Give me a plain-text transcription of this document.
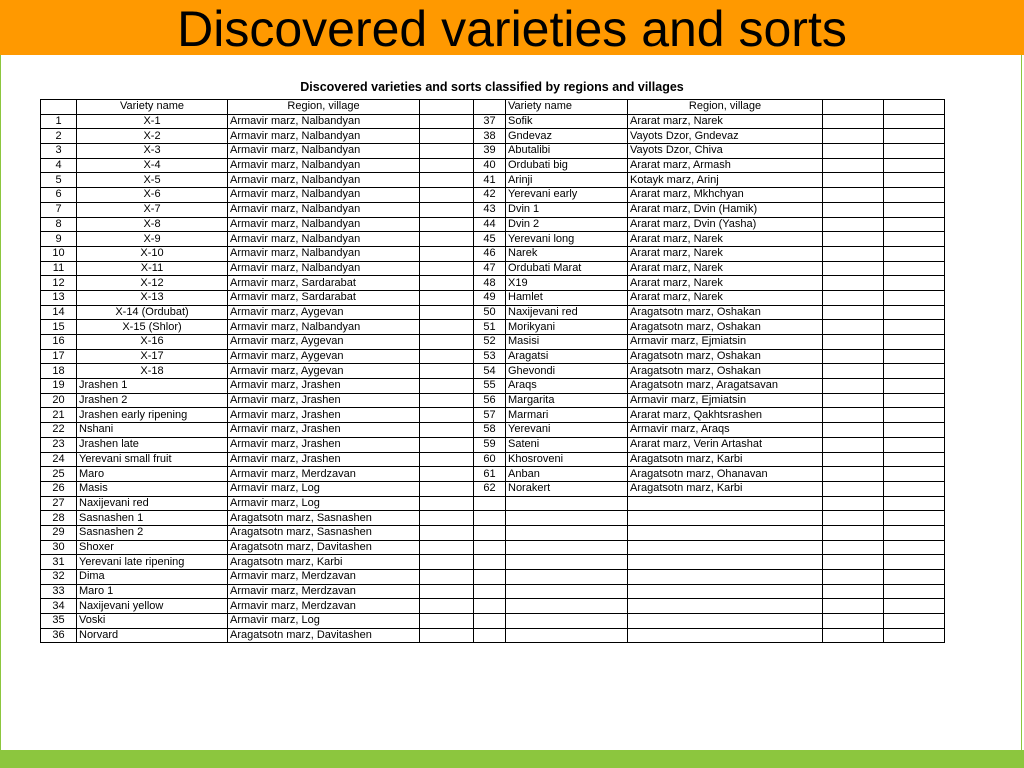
Discovered varieties and sorts
Discovered varieties and sorts classified by regions and villages
	Variety name	Region, village			Variety name	Region, village		
1	X-1	Armavir marz, Nalbandyan		37	Sofik	Ararat marz, Narek		
2	X-2	Armavir marz, Nalbandyan		38	Gndevaz	Vayots Dzor, Gndevaz		
3	X-3	Armavir marz, Nalbandyan		39	Abutalibi	Vayots Dzor, Chiva		
4	X-4	Armavir marz, Nalbandyan		40	Ordubati big	Ararat marz, Armash		
5	X-5	Armavir marz, Nalbandyan		41	Arinji	Kotayk marz, Arinj		
6	X-6	Armavir marz, Nalbandyan		42	Yerevani early	Ararat marz, Mkhchyan		
7	X-7	Armavir marz, Nalbandyan		43	Dvin 1	Ararat marz, Dvin (Hamik)		
8	X-8	Armavir marz, Nalbandyan		44	Dvin 2	Ararat marz, Dvin (Yasha)		
9	X-9	Armavir marz, Nalbandyan		45	Yerevani long	Ararat marz, Narek		
10	X-10	Armavir marz, Nalbandyan		46	Narek	Ararat marz, Narek		
11	X-11	Armavir marz, Nalbandyan		47	Ordubati Marat	Ararat marz, Narek		
12	X-12	Armavir marz, Sardarabat		48	X19	Ararat marz, Narek		
13	X-13	Armavir marz, Sardarabat		49	Hamlet	Ararat marz, Narek		
14	X-14 (Ordubat)	Armavir marz, Aygevan		50	Naxijevani red	Aragatsotn marz, Oshakan		
15	X-15 (Shlor)	Armavir marz, Nalbandyan		51	Morikyani	Aragatsotn marz, Oshakan		
16	X-16	Armavir marz, Aygevan		52	Masisi	Armavir marz, Ejmiatsin		
17	X-17	Armavir marz, Aygevan		53	Aragatsi	Aragatsotn marz, Oshakan		
18	X-18	Armavir marz, Aygevan		54	Ghevondi	Aragatsotn marz, Oshakan		
19	Jrashen 1	Armavir marz, Jrashen		55	Araqs	Aragatsotn marz, Aragatsavan		
20	Jrashen 2	Armavir marz, Jrashen		56	Margarita	Armavir marz, Ejmiatsin		
21	Jrashen early ripening	Armavir marz, Jrashen		57	Marmari	Ararat marz, Qakhtsrashen		
22	Nshani	Armavir marz, Jrashen		58	Yerevani	Armavir marz, Araqs		
23	Jrashen late	Armavir marz, Jrashen		59	Sateni	Ararat marz, Verin Artashat		
24	Yerevani small fruit	Armavir marz, Jrashen		60	Khosroveni	Aragatsotn marz, Karbi		
25	Maro	Armavir marz, Merdzavan		61	Anban	Aragatsotn marz, Ohanavan		
26	Masis	Armavir marz, Log		62	Norakert	Aragatsotn marz, Karbi		
27	Naxijevani red	Armavir marz, Log						
28	Sasnashen 1	Aragatsotn marz, Sasnashen						
29	Sasnashen 2	Aragatsotn marz, Sasnashen						
30	Shoxer	Aragatsotn marz, Davitashen						
31	Yerevani late ripening	Aragatsotn marz, Karbi						
32	Dima	Armavir marz, Merdzavan						
33	Maro 1	Armavir marz, Merdzavan						
34	Naxijevani yellow	Armavir marz, Merdzavan						
35	Voski	Armavir marz, Log						
36	Norvard	Aragatsotn marz, Davitashen						
